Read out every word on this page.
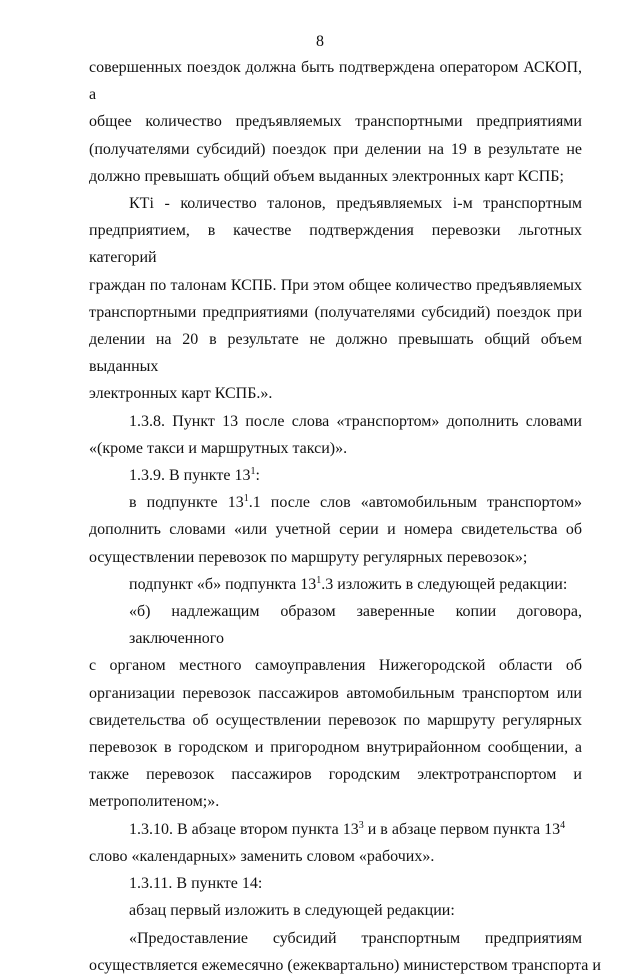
8
совершенных поездок должна быть подтверждена оператором АСКОП, а
общее количество предъявляемых транспортными предприятиями
(получателями субсидий) поездок при делении на 19 в результате не
должно превышать общий объем выданных электронных карт КСПБ;
КТi - количество талонов, предъявляемых i-м транспортным
предприятием, в качестве подтверждения перевозки льготных категорий
граждан по талонам КСПБ. При этом общее количество предъявляемых
транспортными предприятиями (получателями субсидий) поездок при
делении на 20 в результате не должно превышать общий объем выданных
электронных карт КСПБ.».
1.3.8. Пункт 13 после слова «транспортом» дополнить словами
«(кроме такси и маршрутных такси)».
1.3.9. В пункте $13^1$:
в подпункте $13^1.1$ после слов «автомобильным транспортом»
дополнить словами «или учетной серии и номера свидетельства об
осуществлении перевозок по маршруту регулярных перевозок»;
подпункт «б» подпункта $13^1.3$ изложить в следующей редакции:
«б) надлежащим образом заверенные копии договора, заключенного
с органом местного самоуправления Нижегородской области об
организации перевозок пассажиров автомобильным транспортом или
свидетельства об осуществлении перевозок по маршруту регулярных
перевозок в городском и пригородном внутрирайонном сообщении, а
также перевозок пассажиров городским электротранспортом и
метрополитеном;».
1.3.10. В абзаце втором пункта $13^3$ и в абзаце первом пункта $13^4$
слово «календарных» заменить словом «рабочих».
1.3.11. В пункте 14:
абзац первый изложить в следующей редакции:
«Предоставление субсидий транспортным предприятиям
осуществляется ежемесячно (ежеквартально) министерством транспорта и
